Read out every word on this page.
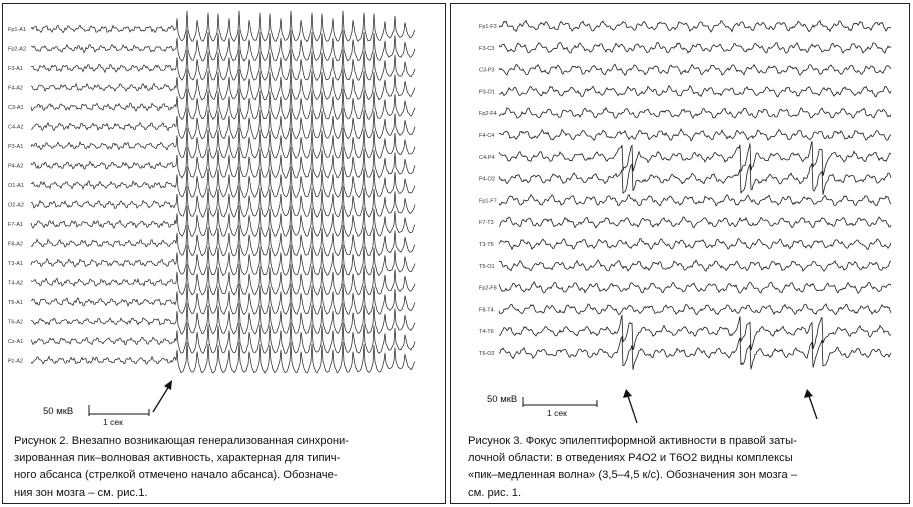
Fp1-A1
Fp2-A2
F3-A1
F4-A2
C3-A1
C4-A2
P3-A1
P4-A2
O1-A1
O2-A2
F7-A1
F8-A2
T3-A1
T4-A2
T5-A1
T6-A2
Cz-A1
Pz-A2
50 мкВ
1 сек
Рисунок 2. Внезапно возникающая генерализованная синхрони-
зированная пик–волновая активность, характерная для типич-
ного абсанса (стрелкой отмечено начало абсанса). Обозначе-
ния зон мозга – см. рис.1.
Fp1-F3
F3-C3
C3-P3
P3-O1
Fp2-F4
F4-C4
C4-P4
P4-O2
Fp1-F7
F7-T3
T3-T5
T5-O1
Fp2-F8
F8-T4
T4-T6
T6-O2
50 мкВ
1 сек
Рисунок 3. Фокус эпилептиформной активности в правой заты-
лочной области: в отведениях P4O2 и T6O2 видны комплексы
«пик–медленная волна» (3,5–4,5 к/с). Обозначения зон мозга –
см. рис. 1.
